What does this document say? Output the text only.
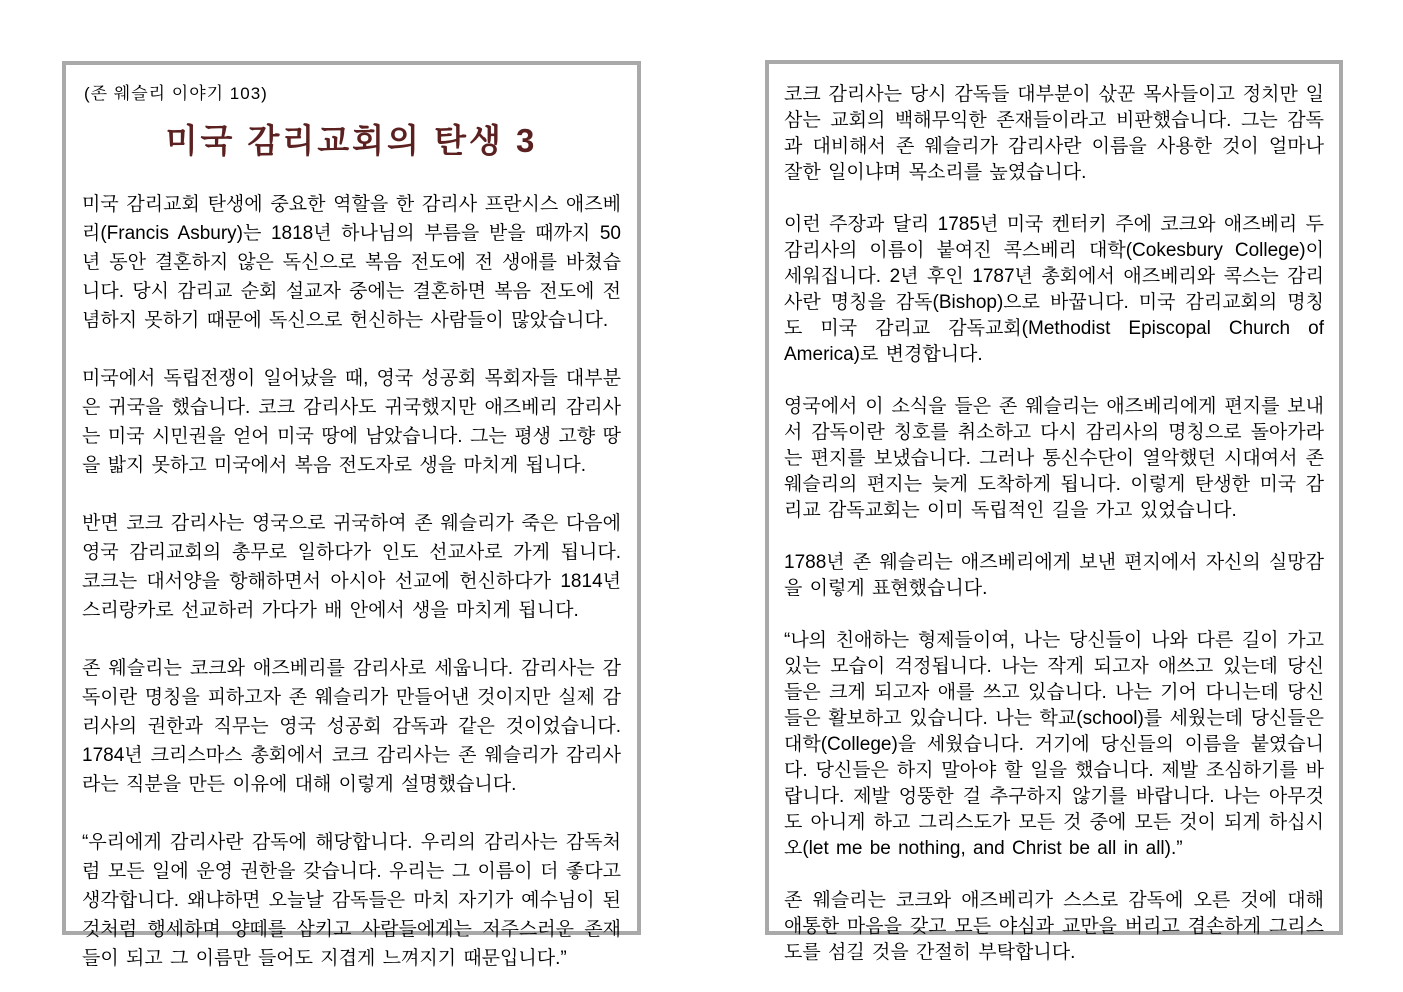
(존 웨슬리 이야기 103)
미국 감리교회의 탄생 3

미국 감리교회 탄생에 중요한 역할을 한 감리사 프란시스 애즈베리(Francis Asbury)는 1818년 하나님의 부름을 받을 때까지 50년 동안 결혼하지 않은 독신으로 복음 전도에 전 생애를 바쳤습니다. 당시 감리교 순회 설교자 중에는 결혼하면 복음 전도에 전념하지 못하기 때문에 독신으로 헌신하는 사람들이 많았습니다.

미국에서 독립전쟁이 일어났을 때, 영국 성공회 목회자들 대부분은 귀국을 했습니다. 코크 감리사도 귀국했지만 애즈베리 감리사는 미국 시민권을 얻어 미국 땅에 남았습니다. 그는 평생 고향 땅을 밟지 못하고 미국에서 복음 전도자로 생을 마치게 됩니다.

반면 코크 감리사는 영국으로 귀국하여 존 웨슬리가 죽은 다음에 영국 감리교회의 총무로 일하다가 인도 선교사로 가게 됩니다. 코크는 대서양을 항해하면서 아시아 선교에 헌신하다가 1814년 스리랑카로 선교하러 가다가 배 안에서 생을 마치게 됩니다.

존 웨슬리는 코크와 애즈베리를 감리사로 세웁니다. 감리사는 감독이란 명칭을 피하고자 존 웨슬리가 만들어낸 것이지만 실제 감리사의 권한과 직무는 영국 성공회 감독과 같은 것이었습니다. 1784년 크리스마스 총회에서 코크 감리사는 존 웨슬리가 감리사라는 직분을 만든 이유에 대해 이렇게 설명했습니다.

“우리에게 감리사란 감독에 해당합니다. 우리의 감리사는 감독처럼 모든 일에 운영 권한을 갖습니다. 우리는 그 이름이 더 좋다고 생각합니다. 왜냐하면 오늘날 감독들은 마치 자기가 예수님이 된 것처럼 행세하며 양떼를 삼키고 사람들에게는 저주스러운 존재들이 되고 그 이름만 들어도 지겹게 느껴지기 때문입니다.”

코크 감리사는 당시 감독들 대부분이 삯꾼 목사들이고 정치만 일삼는 교회의 백해무익한 존재들이라고 비판했습니다. 그는 감독과 대비해서 존 웨슬리가 감리사란 이름을 사용한 것이 얼마나 잘한 일이냐며 목소리를 높였습니다.

이런 주장과 달리 1785년 미국 켄터키 주에 코크와 애즈베리 두 감리사의 이름이 붙여진 콕스베리 대학(Cokesbury College)이 세워집니다. 2년 후인 1787년 총회에서 애즈베리와 콕스는 감리사란 명칭을 감독(Bishop)으로 바꿉니다. 미국 감리교회의 명칭도 미국 감리교 감독교회(Methodist Episcopal Church of America)로 변경합니다.

영국에서 이 소식을 들은 존 웨슬리는 애즈베리에게 편지를 보내서 감독이란 칭호를 취소하고 다시 감리사의 명칭으로 돌아가라는 편지를 보냈습니다. 그러나 통신수단이 열악했던 시대여서 존 웨슬리의 편지는 늦게 도착하게 됩니다. 이렇게 탄생한 미국 감리교 감독교회는 이미 독립적인 길을 가고 있었습니다.

1788년 존 웨슬리는 애즈베리에게 보낸 편지에서 자신의 실망감을 이렇게 표현했습니다.

“나의 친애하는 형제들이여, 나는 당신들이 나와 다른 길이 가고 있는 모습이 걱정됩니다. 나는 작게 되고자 애쓰고 있는데 당신들은 크게 되고자 애를 쓰고 있습니다. 나는 기어 다니는데 당신들은 활보하고 있습니다. 나는 학교(school)를 세웠는데 당신들은 대학(College)을 세웠습니다. 거기에 당신들의 이름을 붙였습니다. 당신들은 하지 말아야 할 일을 했습니다. 제발 조심하기를 바랍니다. 제발 엉뚱한 걸 추구하지 않기를 바랍니다. 나는 아무것도 아니게 하고 그리스도가 모든 것 중에 모든 것이 되게 하십시오(let me be nothing, and Christ be all in all).”

존 웨슬리는 코크와 애즈베리가 스스로 감독에 오른 것에 대해 애통한 마음을 갖고 모든 야심과 교만을 버리고 겸손하게 그리스도를 섬길 것을 간절히 부탁합니다.
